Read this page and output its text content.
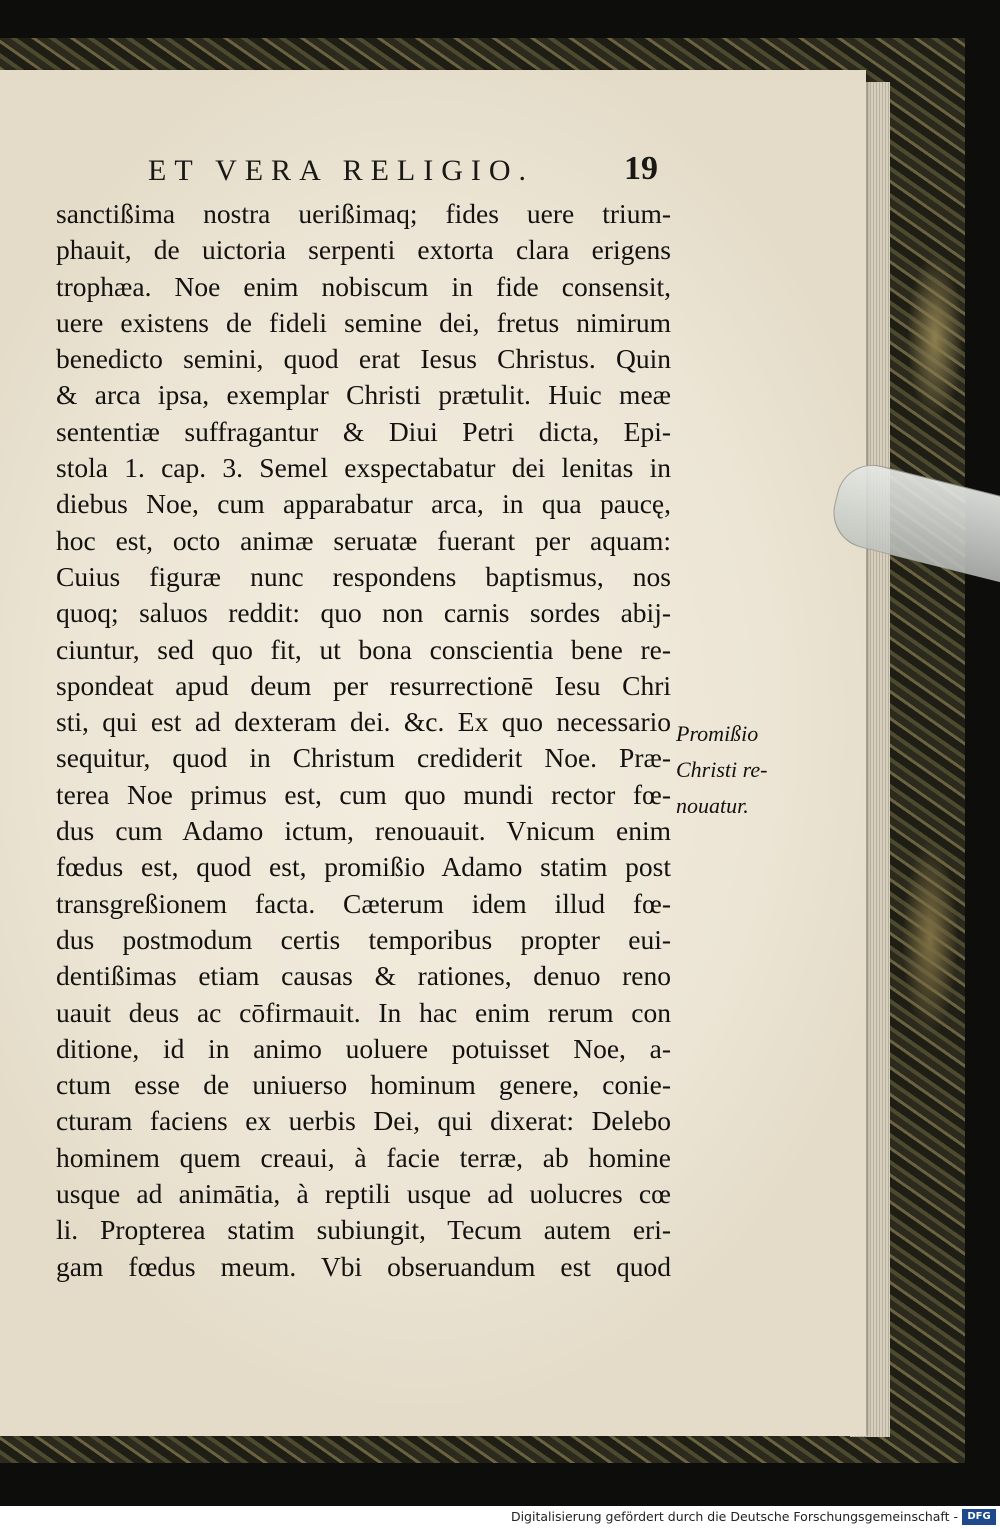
ET VERA RELIGIO.	19
sanctißima nostra uerißimaq; fides uere trium-
phauit, de uictoria serpenti extorta clara erigens
trophæa. Noe enim nobiscum in fide consensit,
uere existens de fideli semine dei, fretus nimirum
benedicto semini, quod erat Iesus Christus. Quin
& arca ipsa, exemplar Christi prætulit. Huic meæ
sententiæ suffragantur & Diui Petri dicta, Epi-
stola 1. cap. 3. Semel exspectabatur dei lenitas in
diebus Noe, cum apparabatur arca, in qua paucę,
hoc est, octo animæ seruatæ fuerant per aquam:
Cuius figuræ nunc respondens baptismus, nos
quoq; saluos reddit: quo non carnis sordes abij-
ciuntur, sed quo fit, ut bona conscientia bene re-
spondeat apud deum per resurrectionē Iesu Chri
sti, qui est ad dexteram dei. &c. Ex quo necessario
sequitur, quod in Christum crediderit Noe. Præ-
terea Noe primus est, cum quo mundi rector fœ-
dus cum Adamo ictum, renouauit. Vnicum enim
fœdus est, quod est, promißio Adamo statim post
transgreßionem facta. Cæterum idem illud fœ-
dus postmodum certis temporibus propter eui-
dentißimas etiam causas & rationes, denuo reno
uauit deus ac cōfirmauit. In hac enim rerum con
ditione, id in animo uoluere potuisset Noe, a-
ctum esse de uniuerso hominum genere, conie-
cturam faciens ex uerbis Dei, qui dixerat: Delebo
hominem quem creaui, à facie terræ, ab homine
usque ad animātia, à reptili usque ad uolucres cœ
li. Propterea statim subiungit, Tecum autem eri-
gam fœdus meum. Vbi obseruandum est quod
Promißio
Christi re-
nouatur.
Digitalisierung gefördert durch die Deutsche Forschungsgemeinschaft - DFG
